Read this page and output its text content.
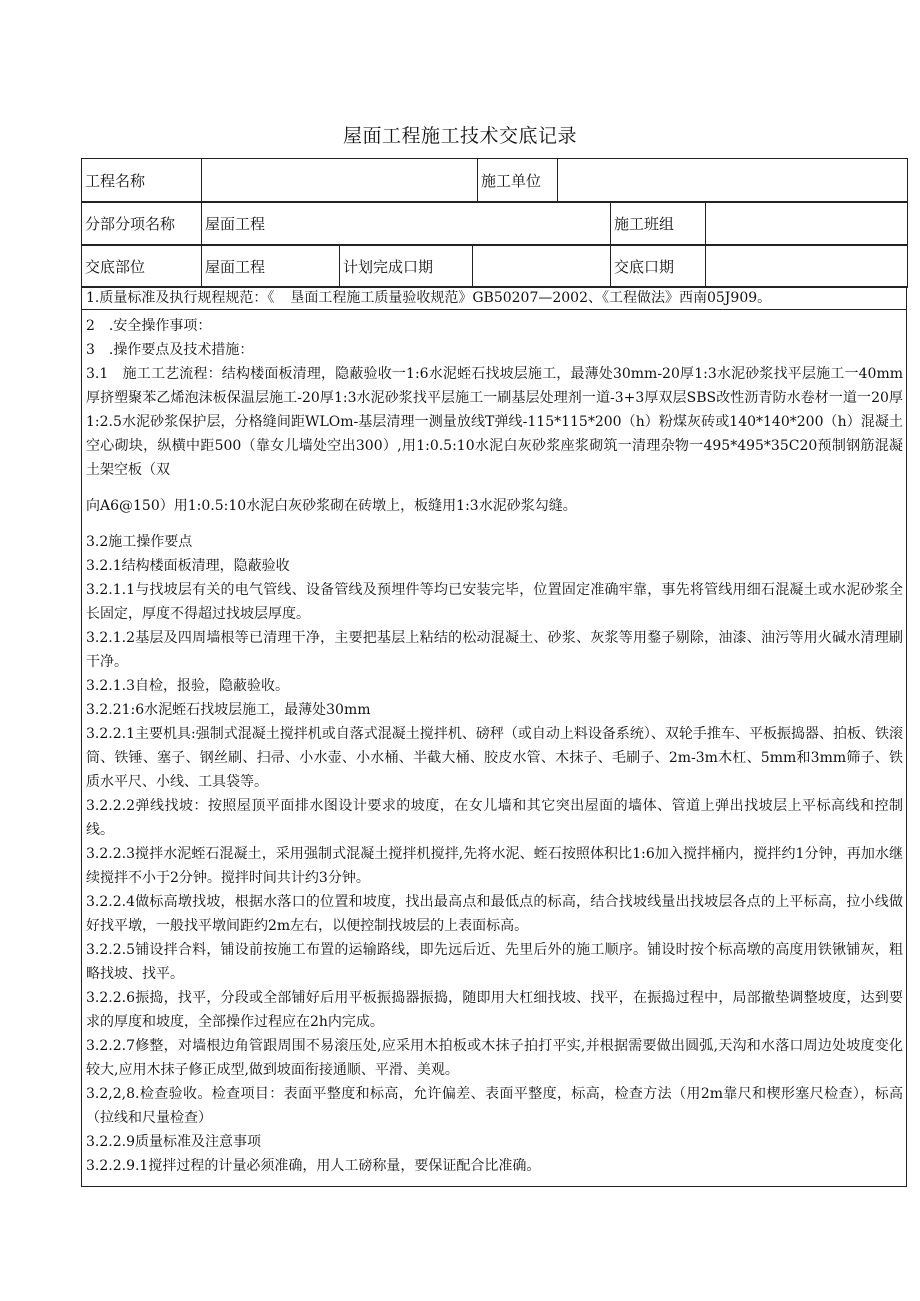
屋面工程施工技术交底记录
工程名称		施工单位	
分部分项名称	屋面工程	施工班组	
交底部位	屋面工程	计划完成口期		交底口期	
1.质量标准及执行规程规范：《 垦面工程施工质量验收规范》GB50207—2002、《工程做法》西南05J909。

2　.安全操作事项：

3　.操作要点及技术措施：

3.1　施工工艺流程：结构楼面板清理，隐蔽验收一1:6水泥蛭石找坡层施工，最薄处30mm-20厚1:3水泥砂浆找平层施工一40mm厚挤塑聚苯乙烯泡沫板保温层施工-20厚1:3水泥砂浆找平层施工一刷基层处理剂一道-3+3厚双层SBS改性沥青防水卷材一道一20厚1:2.5水泥砂浆保护层，分格缝间距WLOm-基层清理一测量放线T弹线-115*115*200（h）粉煤灰砖或140*140*200（h）混凝土空心砌块，纵横中距500（靠女儿墙处空出300）,用1:0.5:10水泥白灰砂浆座浆砌筑一清理杂物一495*495*35C20预制钢筋混凝土架空板（双

向A6@150）用1:0.5:10水泥白灰砂浆砌在砖墩上，板缝用1:3水泥砂浆勾缝。

3.2施工操作要点

3.2.1结构楼面板清理，隐蔽验收

3.2.1.1与找坡层有关的电气管线、设备管线及预埋件等均已安装完毕，位置固定准确牢靠，事先将管线用细石混凝土或水泥砂浆全长固定，厚度不得超过找坡层厚度。

3.2.1.2基层及四周墙根等已清理干净，主要把基层上粘结的松动混凝土、砂浆、灰浆等用鍪子剔除，油漆、油污等用火碱水清理刷干净。

3.2.1.3自检，报验，隐蔽验收。

3.2.21:6水泥蛭石找坡层施工，最薄处30mm

3.2.2.1主要机具:强制式混凝土搅拌机或自落式混凝土搅拌机、磅秤（或自动上料设备系统）、双轮手推车、平板振捣器、拍板、铁滚筒、铁锤、塞子、钢丝刷、扫帚、小水壶、小水桶、半截大桶、胶皮水管、木抹子、毛刷子、2m-3m木杠、5mm和3mm筛子、铁质水平尺、小线、工具袋等。

3.2.2.2弹线找坡：按照屋顶平面排水图设计要求的坡度，在女儿墙和其它突出屋面的墙体、管道上弹出找坡层上平标高线和控制线。

3.2.2.3搅拌水泥蛭石混凝土，采用强制式混凝土搅拌机搅拌,先将水泥、蛭石按照体积比1:6加入搅拌桶内，搅拌约1分钟，再加水继续搅拌不小于2分钟。搅拌时间共计约3分钟。

3.2.2.4做标高墩找坡，根据水落口的位置和坡度，找出最高点和最低点的标高，结合找坡线量出找坡层各点的上平标高，拉小线做好找平墩，一般找平墩间距约2m左右，以便控制找坡层的上表面标高。

3.2.2.5铺设拌合料，铺设前按施工布置的运输路线，即先远后近、先里后外的施工顺序。铺设时按个标高墩的高度用铁锹铺灰，粗略找坡、找平。

3.2.2.6振捣，找平，分段或全部铺好后用平板振捣器振捣，随即用大杠细找坡、找平，在振捣过程中，局部撤垫调整坡度，达到要求的厚度和坡度，全部操作过程应在2h内完成。

3.2.2.7修整，对墙根边角管跟周围不易滚压处,应采用木拍板或木抹子拍打平实,并根据需要做出圆弧,天沟和水落口周边处坡度变化较大,应用木抹子修正成型,做到坡面衔接通顺、平滑、美观。

3.2,2,8.检查验收。检查项目：表面平整度和标高，允许偏差、表面平整度，标高，检查方法（用2m靠尺和楔形塞尺检查），标高（拉线和尺量检查）

3.2.2.9质量标准及注意事项

3.2.2.9.1搅拌过程的计量必须准确，用人工磅称量，要保证配合比准确。
